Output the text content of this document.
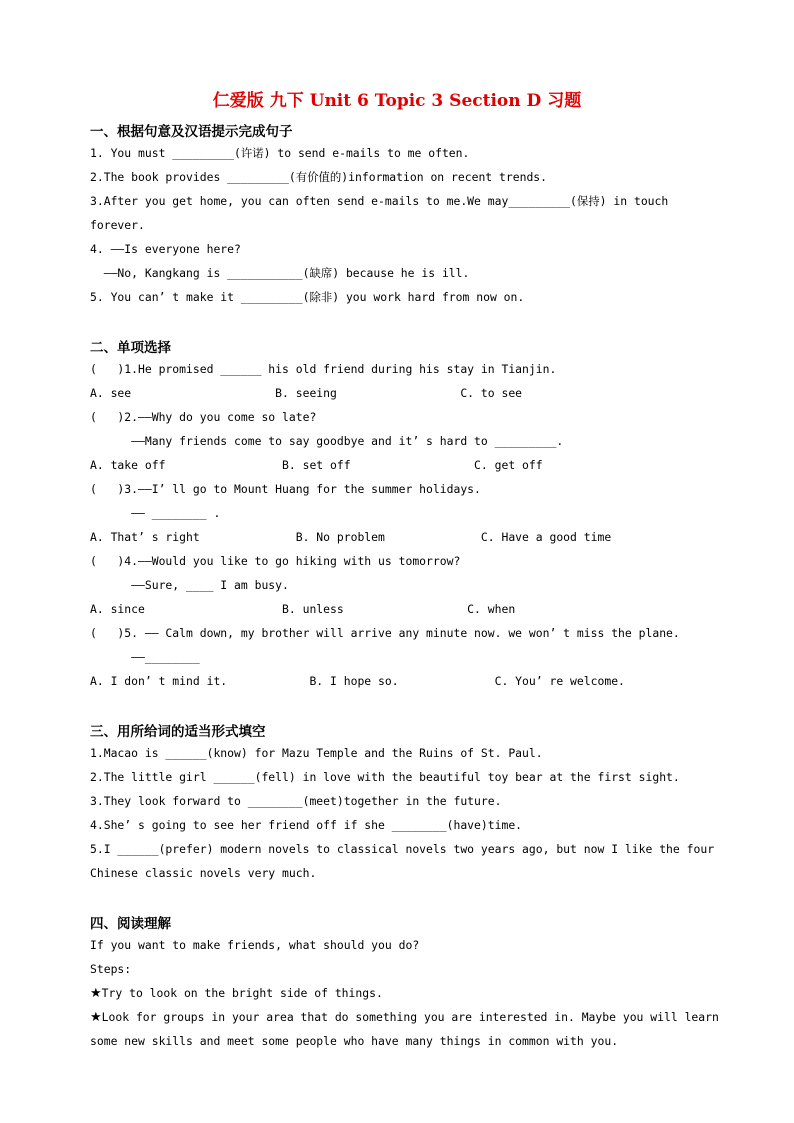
仁爱版 九下 Unit 6 Topic 3 Section D 习题
一、根据句意及汉语提示完成句子
1. You must _________(许诺) to send e-mails to me often.
2.The book provides _________(有价值的)information on recent trends.
3.After you get home, you can often send e-mails to me.We may_________(保持) in touch
forever.
4. ——Is everyone here?
——No, Kangkang is ___________(缺席) because he is ill.
5. You can’ t make it _________(除非) you work hard from now on.
二、单项选择
(   )1.He promised ______ his old friend during his stay in Tianjin.
A. see                     B. seeing                  C. to see
(   )2.——Why do you come so late?
——Many friends come to say goodbye and it’ s hard to _________.
A. take off                 B. set off                  C. get off
(   )3.——I’ ll go to Mount Huang for the summer holidays.
—— ________ .
A. That’ s right              B. No problem              C. Have a good time
(   )4.——Would you like to go hiking with us tomorrow?
——Sure, ____ I am busy.
A. since                    B. unless                  C. when
(   )5. —— Calm down, my brother will arrive any minute now. we won’ t miss the plane.
——________
A. I don’ t mind it.            B. I hope so.              C. You’ re welcome.
三、用所给词的适当形式填空
1.Macao is ______(know) for Mazu Temple and the Ruins of St. Paul.
2.The little girl ______(fell) in love with the beautiful toy bear at the first sight.
3.They look forward to ________(meet)together in the future.
4.She’ s going to see her friend off if she ________(have)time.
5.I ______(prefer) modern novels to classical novels two years ago, but now I like the four
Chinese classic novels very much.
四、阅读理解
If you want to make friends, what should you do?
Steps:
★Try to look on the bright side of things.
★Look for groups in your area that do something you are interested in. Maybe you will learn
some new skills and meet some people who have many things in common with you.
